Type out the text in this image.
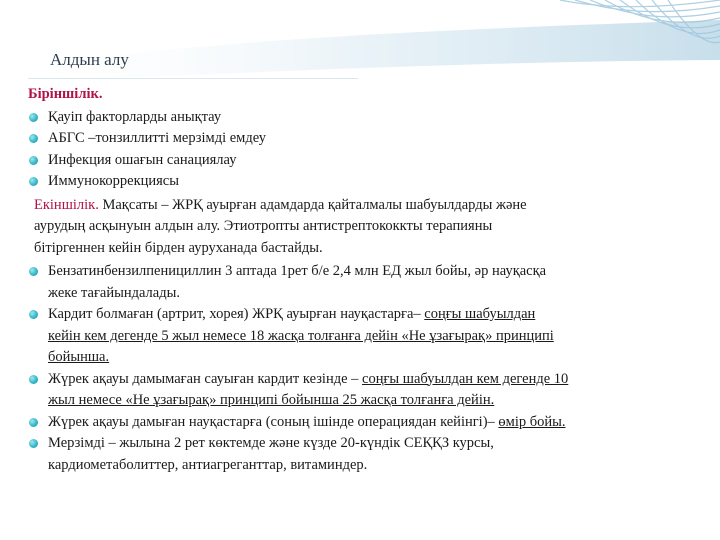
Алдын алу

Біріншілік.

Қауіп факторларды анықтау

АБГС –тонзиллитті мерзімді емдеу

Инфекция ошағын санациялау

Иммунокоррекциясы

Екіншілік. Мақсаты – ЖРҚ ауырған адамдарда қайталмалы шабуылдарды және
аурудың асқынуын алдын алу. Этиотропты антистрептококкты терапияны
бітіргеннен кейін бірден ауруханада бастайды.

Бензатинбензилпенициллин 3 аптада 1рет б/е 2,4 млн ЕД жыл бойы, әр науқасқа
жеке тағайындалады.

Кардит болмаған (артрит, хорея) ЖРҚ ауырған науқастарға– соңғы шабуылдан
кейін кем дегенде 5 жыл немесе 18 жасқа толғанға дейін «Не ұзағырақ» принципі
бойынша.

Жүрек ақауы дамымаған сауыған кардит кезінде – соңғы шабуылдан кем дегенде 10
жыл немесе «Не ұзағырақ» принципі бойынша 25 жасқа толғанға дейін.

Жүрек ақауы дамыған науқастарға (соның ішінде операциядан кейінгі)– өмір бойы.

Мерзімді – жылына 2 рет көктемде және күзде 20-күндік СЕҚҚЗ курсы,
кардиометаболиттер, антиагреганттар, витаминдер.
